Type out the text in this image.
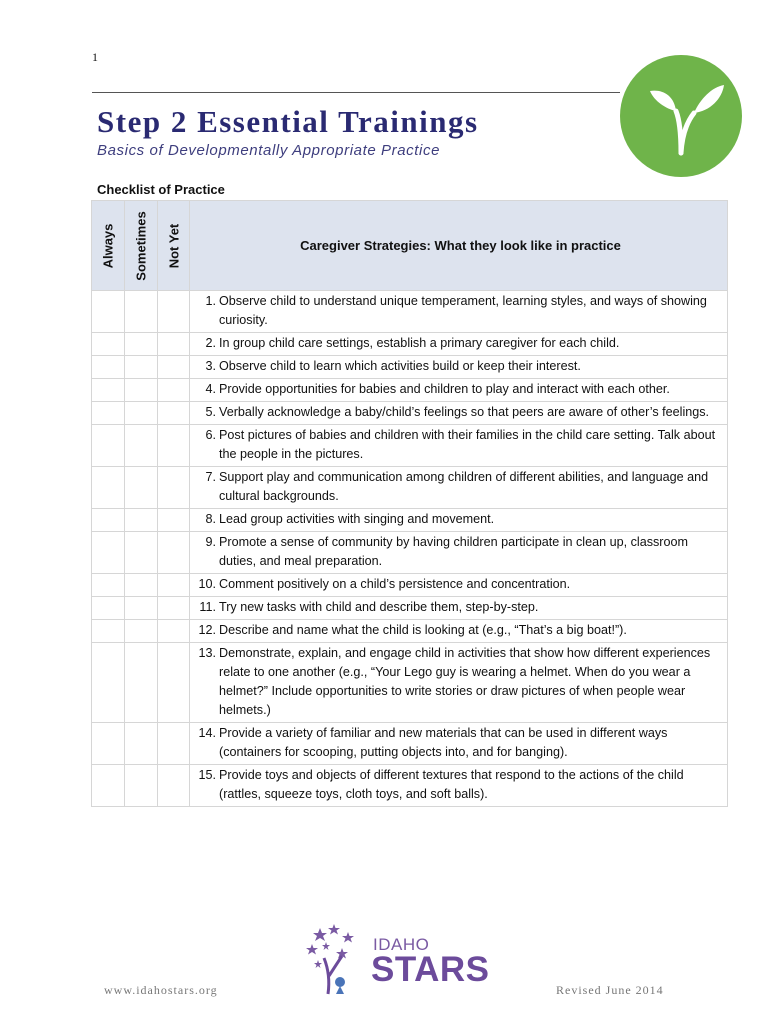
1
Step 2 Essential Trainings
Basics of Developmentally Appropriate Practice
Checklist of Practice
Always	Sometimes	Not Yet	Caregiver Strategies: What they look like in practice

			1. Observe child to understand unique temperament, learning styles, and ways of showing curiosity.

			2. In group child care settings, establish a primary caregiver for each child.

			3. Observe child to learn which activities build or keep their interest.

			4. Provide opportunities for babies and children to play and interact with each other.

			5. Verbally acknowledge a baby/child’s feelings so that peers are aware of other’s feelings.

			6. Post pictures of babies and children with their families in the child care setting. Talk about the people in the pictures.

			7. Support play and communication among children of different abilities, and language and cultural backgrounds.

			8. Lead group activities with singing and movement.

			9. Promote a sense of community by having children participate in clean up, classroom duties, and meal preparation.

			10. Comment positively on a child’s persistence and concentration.

			11. Try new tasks with child and describe them, step-by-step.

			12. Describe and name what the child is looking at (e.g., “That’s a big boat!”).

			13. Demonstrate, explain, and engage child in activities that show how different experiences relate to one another (e.g., “Your Lego guy is wearing a helmet. When do you wear a helmet?” Include opportunities to write stories or draw pictures of when people wear helmets.)

			14. Provide a variety of familiar and new materials that can be used in different ways (containers for scooping, putting objects into, and for banging).

			15. Provide toys and objects of different textures that respond to the actions of the child (rattles, squeeze toys, cloth toys, and soft balls).
IDAHO
STARS
www.idahostars.org	Revised June 2014
